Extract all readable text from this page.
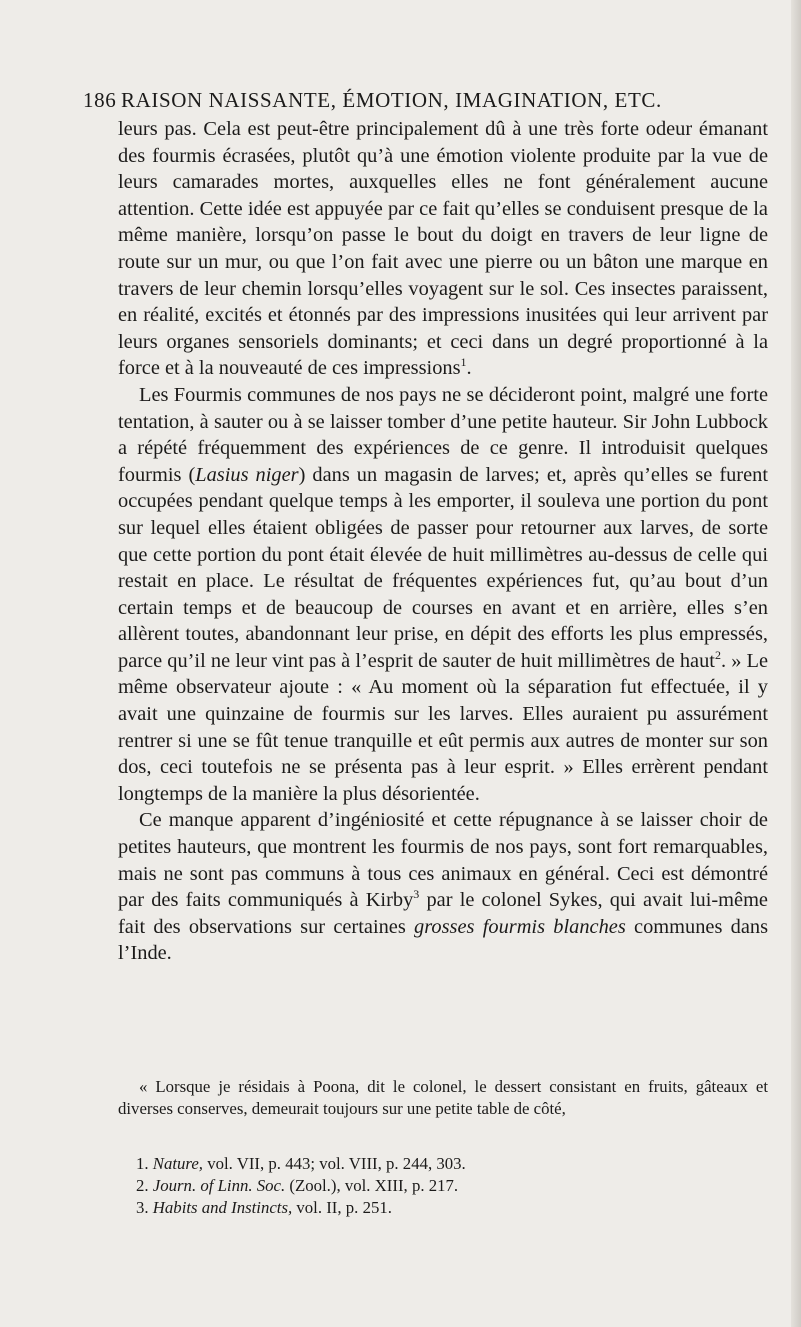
186 RAISON NAISSANTE, ÉMOTION, IMAGINATION, ETC.

leurs pas. Cela est peut-être principalement dû à une très forte odeur émanant des fourmis écrasées, plutôt qu’à une émotion violente produite par la vue de leurs camarades mortes, auxquelles elles ne font généralement aucune attention. Cette idée est appuyée par ce fait qu’elles se conduisent presque de la même manière, lorsqu’on passe le bout du doigt en travers de leur ligne de route sur un mur, ou que l’on fait avec une pierre ou un bâton une marque en travers de leur chemin lorsqu’elles voyagent sur le sol. Ces insectes paraissent, en réalité, excités et étonnés par des impressions inusitées qui leur arrivent par leurs organes sensoriels dominants; et ceci dans un degré proportionné à la force et à la nouveauté de ces impressions$^1$.

Les Fourmis communes de nos pays ne se décideront point, malgré une forte tentation, à sauter ou à se laisser tomber d’une petite hauteur. Sir John Lubbock a répété fréquemment des expériences de ce genre. Il introduisit quelques fourmis (Lasius niger) dans un magasin de larves; et, après qu’elles se furent occupées pendant quelque temps à les emporter, il souleva une portion du pont sur lequel elles étaient obligées de passer pour retourner aux larves, de sorte que cette portion du pont était élevée de huit millimètres au-dessus de celle qui restait en place. Le résultat de fréquentes expériences fut, qu’au bout d’un certain temps et de beaucoup de courses en avant et en arrière, elles s’en allèrent toutes, abandonnant leur prise, en dépit des efforts les plus empressés, parce qu’il ne leur vint pas à l’esprit de sauter de huit millimètres de haut$^2$. » Le même observateur ajoute : « Au moment où la séparation fut effectuée, il y avait une quinzaine de fourmis sur les larves. Elles auraient pu assurément rentrer si une se fût tenue tranquille et eût permis aux autres de monter sur son dos, ceci toutefois ne se présenta pas à leur esprit. » Elles errèrent pendant longtemps de la manière la plus désorientée.

Ce manque apparent d’ingéniosité et cette répugnance à se laisser choir de petites hauteurs, que montrent les fourmis de nos pays, sont fort remarquables, mais ne sont pas communs à tous ces animaux en général. Ceci est démontré par des faits communiqués à Kirby$^3$ par le colonel Sykes, qui avait lui-même fait des observations sur certaines grosses fourmis blanches communes dans l’Inde.

« Lorsque je résidais à Poona, dit le colonel, le dessert consistant en fruits, gâteaux et diverses conserves, demeurait toujours sur une petite table de côté,
1. Nature, vol. VII, p. 443; vol. VIII, p. 244, 303.
2. Journ. of Linn. Soc. (Zool.), vol. XIII, p. 217.
3. Habits and Instincts, vol. II, p. 251.
